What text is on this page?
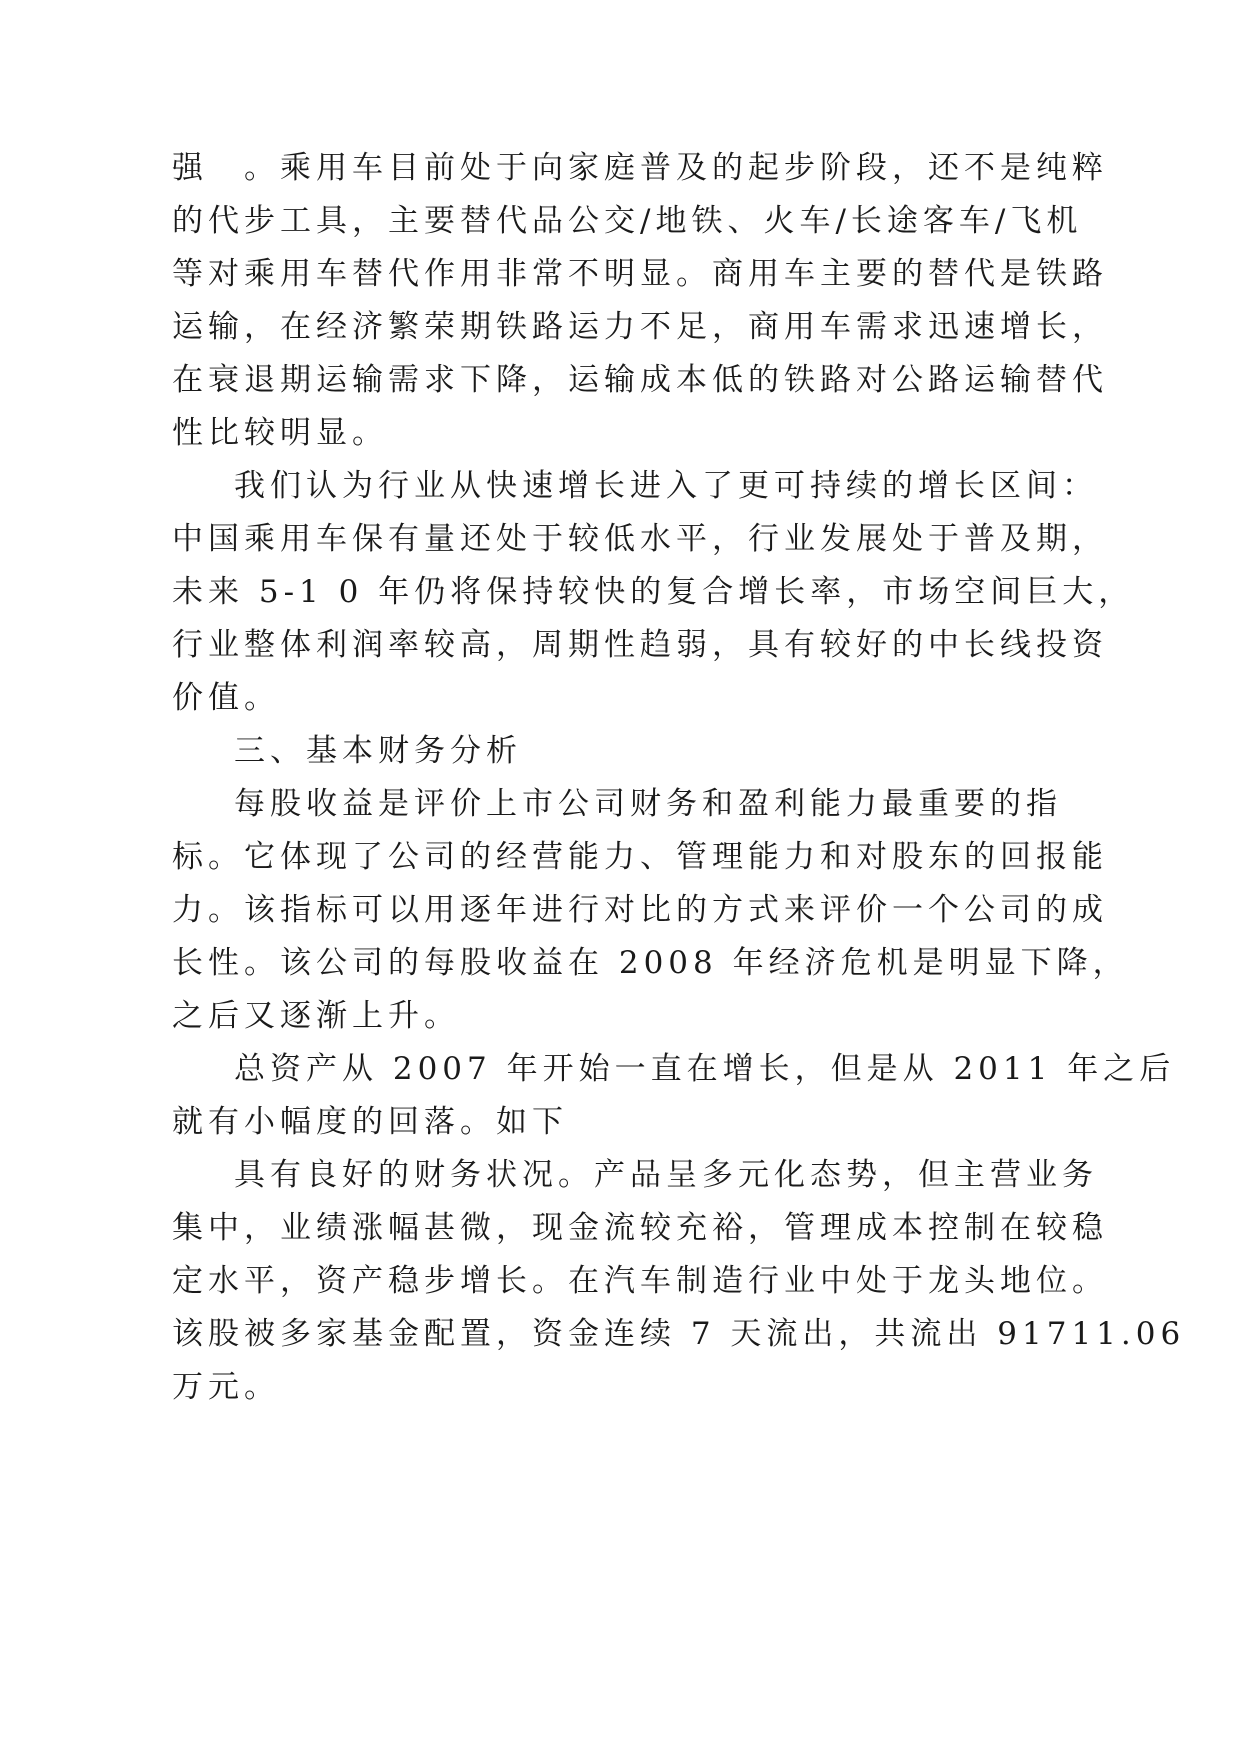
强　。乘用车目前处于向家庭普及的起步阶段，还不是纯粹
的代步工具，主要替代品公交/地铁、火车/长途客车/飞机
等对乘用车替代作用非常不明显。商用车主要的替代是铁路
运输，在经济繁荣期铁路运力不足，商用车需求迅速增长，
在衰退期运输需求下降，运输成本低的铁路对公路运输替代
性比较明显。
我们认为行业从快速增长进入了更可持续的增长区间：
中国乘用车保有量还处于较低水平，行业发展处于普及期，
未来 5-1 0 年仍将保持较快的复合增长率，市场空间巨大，
行业整体利润率较高，周期性趋弱，具有较好的中长线投资
价值。
三、基本财务分析
每股收益是评价上市公司财务和盈利能力最重要的指
标。它体现了公司的经营能力、管理能力和对股东的回报能
力。该指标可以用逐年进行对比的方式来评价一个公司的成
长性。该公司的每股收益在 2008 年经济危机是明显下降，
之后又逐渐上升。
总资产从 2007 年开始一直在增长，但是从 2011 年之后
就有小幅度的回落。如下
具有良好的财务状况。产品呈多元化态势，但主营业务
集中，业绩涨幅甚微，现金流较充裕，管理成本控制在较稳
定水平，资产稳步增长。在汽车制造行业中处于龙头地位。
该股被多家基金配置，资金连续 7 天流出，共流出 91711.06
万元。
